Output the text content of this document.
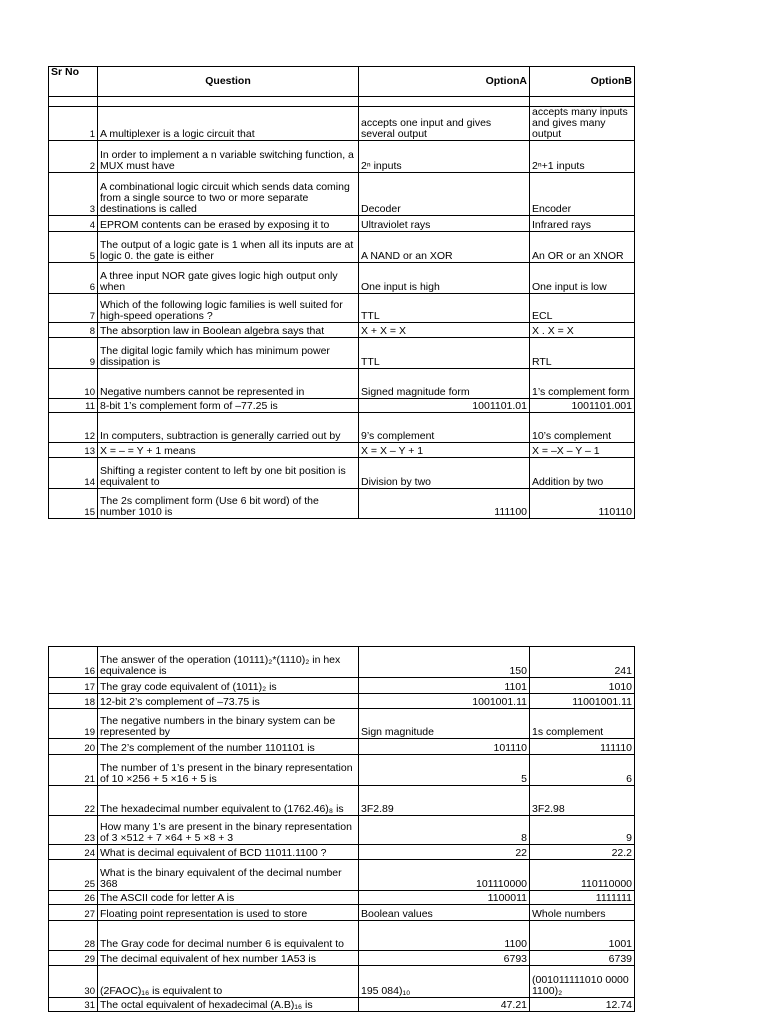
Sr No	Question	OptionA	OptionB

1	A multiplexer is a logic circuit that	accepts one input and gives several output	accepts many inputs and gives many output
2	In order to implement a n variable switching function, a MUX must have	2ⁿ inputs	2ⁿ+1 inputs
3	A combinational logic circuit which sends data coming from a single source to two or more separate destinations is called	Decoder	Encoder
4	EPROM contents can be erased by exposing it to	Ultraviolet rays	Infrared rays
5	The output of a logic gate is 1 when all its inputs are at logic 0. the gate is either	A NAND or an XOR	An OR or an XNOR
6	A three input NOR gate gives logic high output only when	One input is high	One input is low
7	Which of the following logic families is well suited for high-speed operations ?	TTL	ECL
8	The absorption law in Boolean algebra says that	X + X = X	X . X = X
9	The digital logic family which has minimum power dissipation is	TTL	RTL
10	Negative numbers cannot be represented in	Signed magnitude form	1’s complement form
11	8-bit 1’s complement form of –77.25 is	1001101.01	1001101.001
12	In computers, subtraction is generally carried out by	9’s complement	10’s complement
13	X = – = Y + 1 means	X = X – Y + 1	X = –X – Y – 1
14	Shifting a register content to left by one bit position is equivalent to	Division by two	Addition by two
15	The 2s compliment form (Use 6 bit word) of the number 1010 is	111100	110110
16	The answer of the operation (10111)₂*(1110)₂ in hex equivalence is	150	241
17	The gray code equivalent of (1011)₂ is	1101	1010
18	12-bit 2’s complement of –73.75 is	1001001.11	11001001.11
19	The negative numbers in the binary system can be represented by	Sign magnitude	1s complement
20	The 2’s complement of the number 1101101 is	101110	111110
21	The number of 1’s present in the binary representation of 10 ×256 + 5 ×16 + 5 is	5	6
22	The hexadecimal number equivalent to (1762.46)₈ is	3F2.89	3F2.98
23	How many 1’s are present in the binary representation of 3 ×512 + 7 ×64 + 5 ×8 + 3	8	9
24	What is decimal equivalent of BCD 11011.1100 ?	22	22.2
25	What is the binary equivalent of the decimal number 368	101110000	110110000
26	The ASCII code for letter A is	1100011	1111111
27	Floating point representation is used to store	Boolean values	Whole numbers
28	The Gray code for decimal number 6 is equivalent to	1100	1001
29	The decimal equivalent of hex number 1A53 is	6793	6739
30	(2FAOC)₁₆ is equivalent to	195 084)₁₀	(001011111010 0000 1100)₂
31	The octal equivalent of hexadecimal (A.B)₁₆ is	47.21	12.74
